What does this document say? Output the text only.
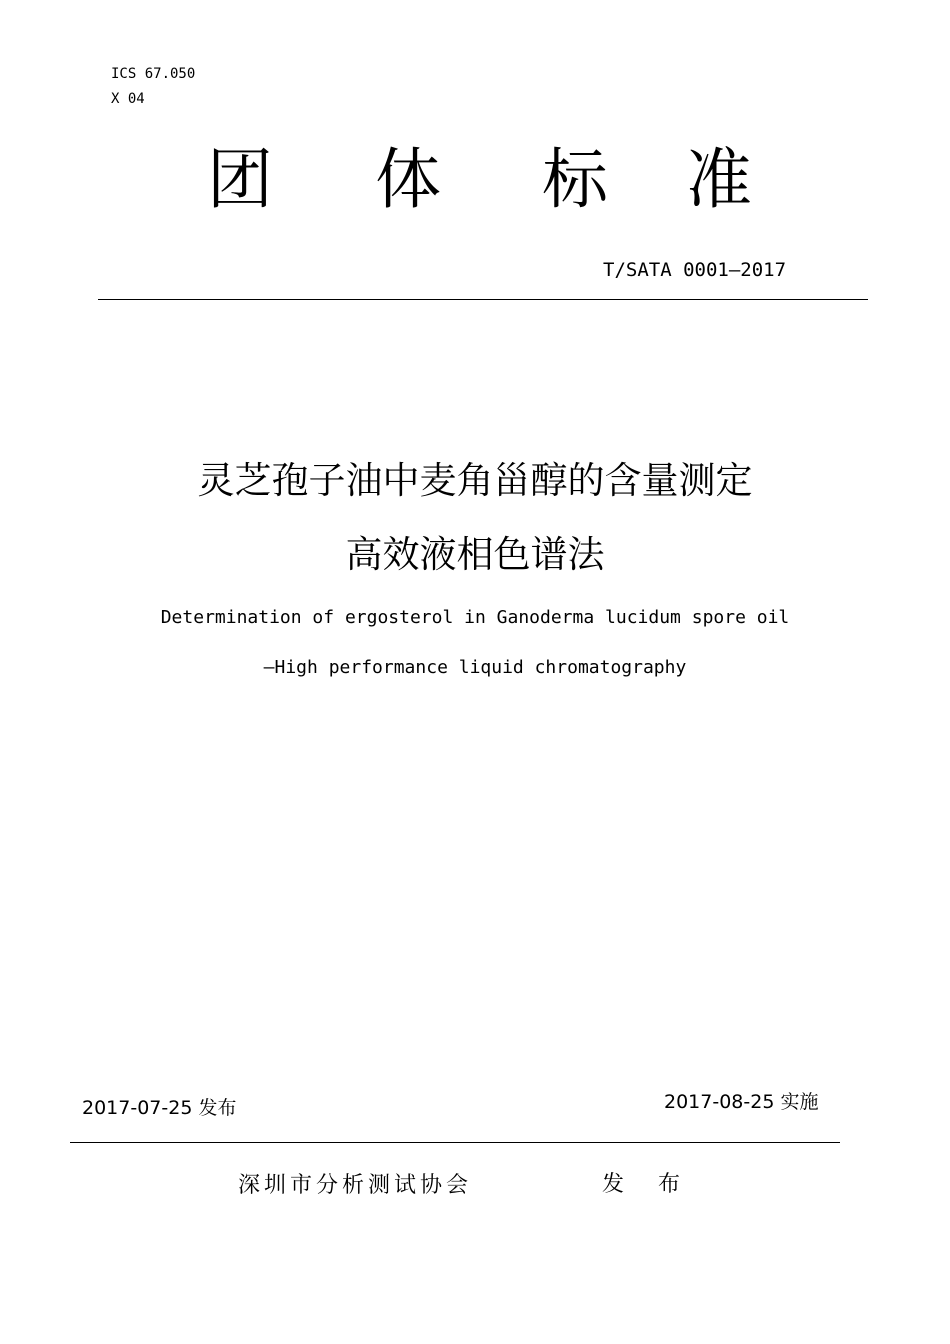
ICS 67.050
X 04
团 体 标 准
T/SATA 0001—2017
灵芝孢子油中麦角甾醇的含量测定
高效液相色谱法
Determination of ergosterol in Ganoderma lucidum spore oil
—High performance liquid chromatography
2017-07-25 发布	2017-08-25 实施
深圳市分析测试协会	发布
